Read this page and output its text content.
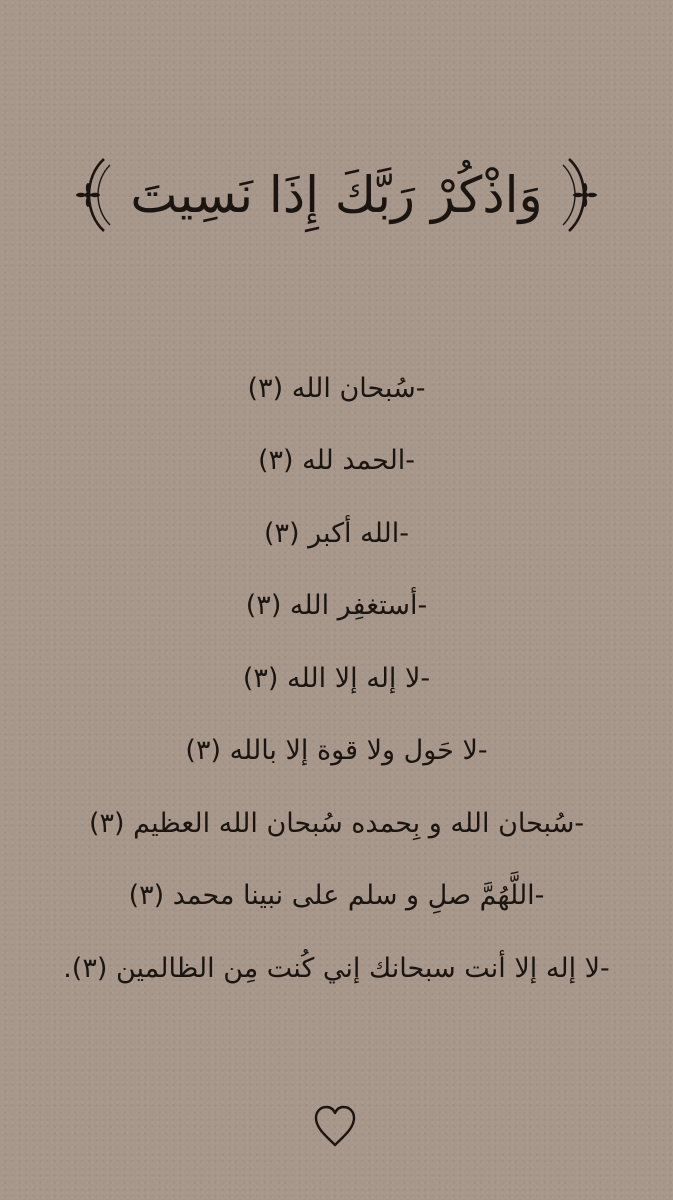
وَاذْكُرْ رَبَّكَ إِذَا نَسِيتَ
-سُبحان الله (٣)
-الحمد لله (٣)
-الله أكبر (٣)
-أستغفِر الله (٣)
-لا إله إلا الله (٣)
-لا حَول ولا قوة إلا بالله (٣)
-سُبحان الله و بِحمده سُبحان الله العظيم (٣)
-اللَّهُمَّ صلِ و سلم على نبينا محمد (٣)
-لا إله إلا أنت سبحانك إني كُنت مِن الظالمين (٣).
